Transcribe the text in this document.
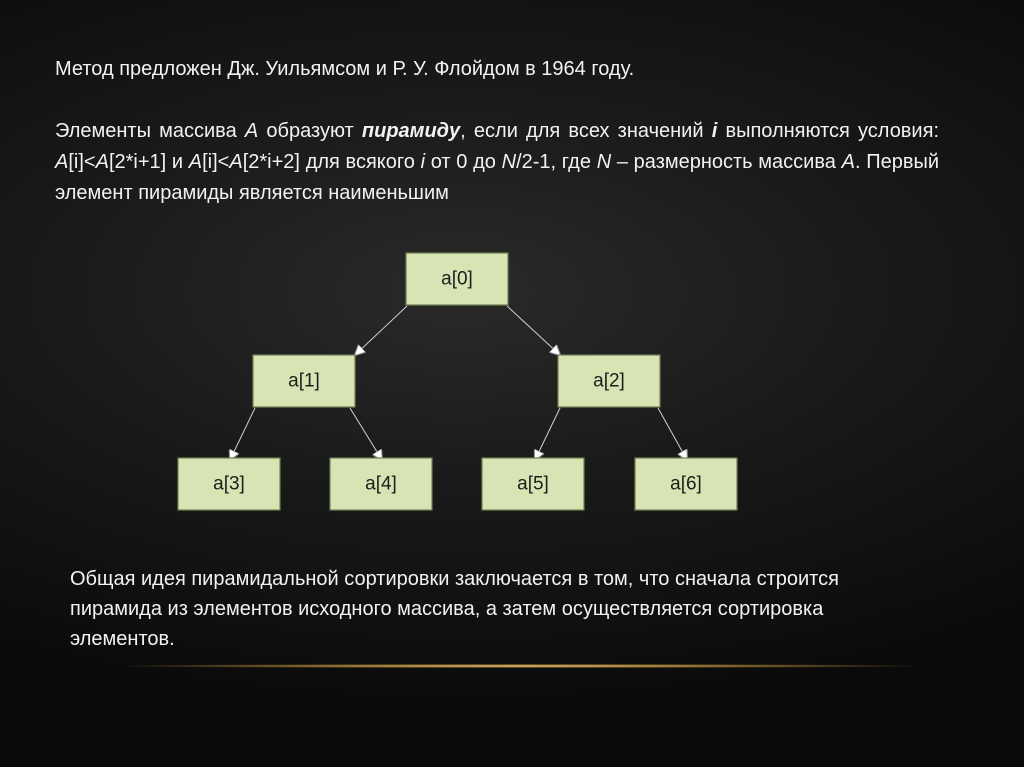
Метод предложен Дж. Уильямсом и Р. У. Флойдом в 1964 году.

Элементы массива A образуют пирамиду, если для всех значений i выполняются условия: A[i]<A[2*i+1] и A[i]<A[2*i+2] для всякого i от 0 до N/2-1, где N – размерность массива A. Первый элемент пирамиды является наименьшим

a[0]
a[1]	a[2]
a[3]	a[4]	a[5]	a[6]

Общая идея пирамидальной сортировки заключается в том, что сначала строится пирамида из элементов исходного массива, а затем осуществляется сортировка элементов.
